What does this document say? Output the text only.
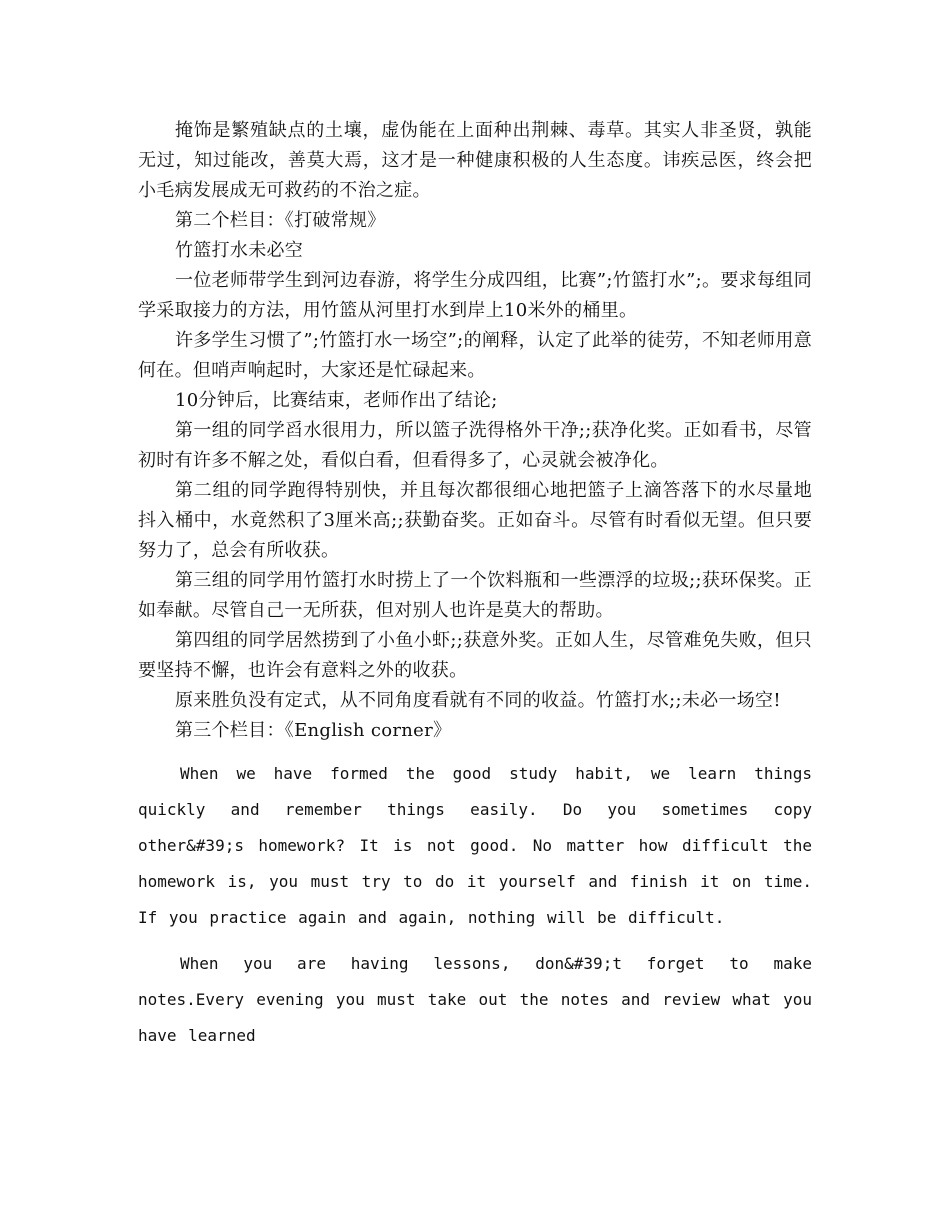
掩饰是繁殖缺点的土壤，虚伪能在上面种出荆棘、毒草。其实人非圣贤，孰能无过，知过能改，善莫大焉，这才是一种健康积极的人生态度。讳疾忌医，终会把小毛病发展成无可救药的不治之症。

第二个栏目：《打破常规》

竹篮打水未必空

一位老师带学生到河边春游，将学生分成四组，比赛”;竹篮打水”;。要求每组同学采取接力的方法，用竹篮从河里打水到岸上10米外的桶里。

许多学生习惯了”;竹篮打水一场空”;的阐释，认定了此举的徒劳，不知老师用意何在。但哨声响起时，大家还是忙碌起来。

10分钟后，比赛结束，老师作出了结论;

第一组的同学舀水很用力，所以篮子洗得格外干净;;获净化奖。正如看书，尽管初时有许多不解之处，看似白看，但看得多了，心灵就会被净化。

第二组的同学跑得特别快，并且每次都很细心地把篮子上滴答落下的水尽量地抖入桶中，水竟然积了3厘米高;;获勤奋奖。正如奋斗。尽管有时看似无望。但只要努力了，总会有所收获。

第三组的同学用竹篮打水时捞上了一个饮料瓶和一些漂浮的垃圾;;获环保奖。正如奉献。尽管自己一无所获，但对别人也许是莫大的帮助。

第四组的同学居然捞到了小鱼小虾;;获意外奖。正如人生，尽管难免失败，但只要坚持不懈，也许会有意料之外的收获。

原来胜负没有定式，从不同角度看就有不同的收益。竹篮打水;;未必一场空!

第三个栏目：《English corner》

When we have formed the good study habit, we learn things quickly and remember things easily. Do you sometimes copy other&#39;s homework? It is not good. No matter how difficult the homework is, you must try to do it yourself and finish it on time. If you practice again and again, nothing will be difficult.

When you are having lessons, don&#39;t forget to make notes.Every evening you must take out the notes and review what you have learned
